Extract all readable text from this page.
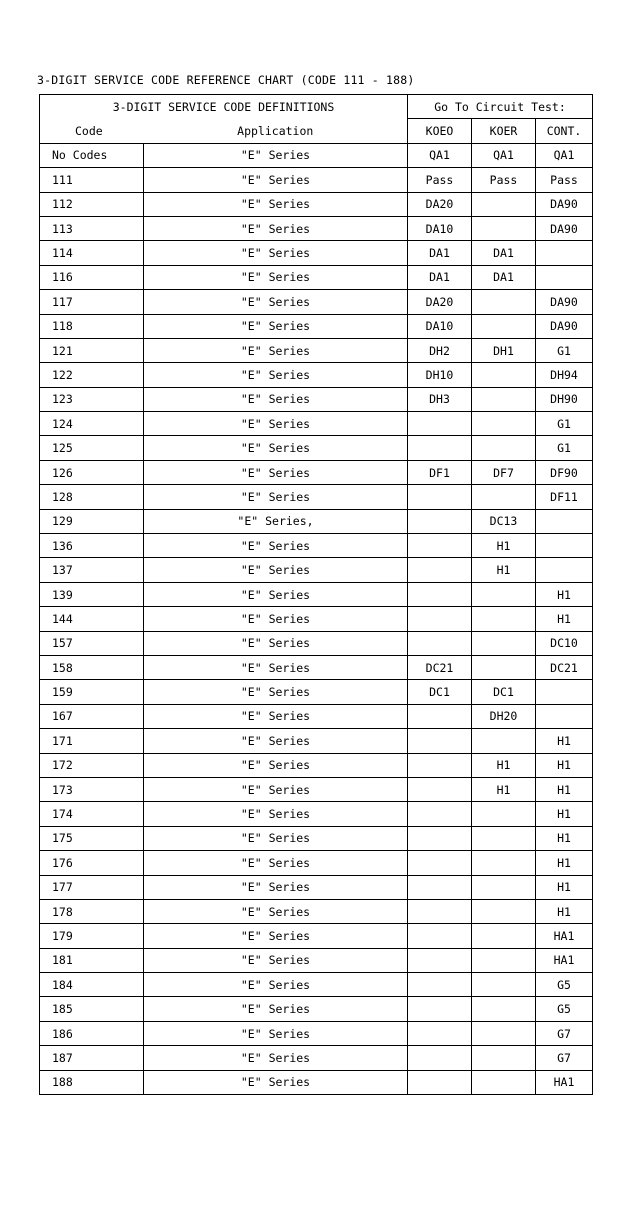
3-DIGIT SERVICE CODE REFERENCE CHART (CODE 111 - 188)
3-DIGIT SERVICE CODE DEFINITIONS		Go To Circuit Test:		
Code	Application	KOEO	KOER	CONT.
No Codes	"E" Series	QA1	QA1	QA1
111	"E" Series	Pass	Pass	Pass
112	"E" Series	DA20		DA90
113	"E" Series	DA10		DA90
114	"E" Series	DA1	DA1	
116	"E" Series	DA1	DA1	
117	"E" Series	DA20		DA90
118	"E" Series	DA10		DA90
121	"E" Series	DH2	DH1	G1
122	"E" Series	DH10		DH94
123	"E" Series	DH3		DH90
124	"E" Series			G1
125	"E" Series			G1
126	"E" Series	DF1	DF7	DF90
128	"E" Series			DF11
129	"E" Series,		DC13	
136	"E" Series		H1	
137	"E" Series		H1	
139	"E" Series			H1
144	"E" Series			H1
157	"E" Series			DC10
158	"E" Series	DC21		DC21
159	"E" Series	DC1	DC1	
167	"E" Series		DH20	
171	"E" Series			H1
172	"E" Series		H1	H1
173	"E" Series		H1	H1
174	"E" Series			H1
175	"E" Series			H1
176	"E" Series			H1
177	"E" Series			H1
178	"E" Series			H1
179	"E" Series			HA1
181	"E" Series			HA1
184	"E" Series			G5
185	"E" Series			G5
186	"E" Series			G7
187	"E" Series			G7
188	"E" Series			HA1
